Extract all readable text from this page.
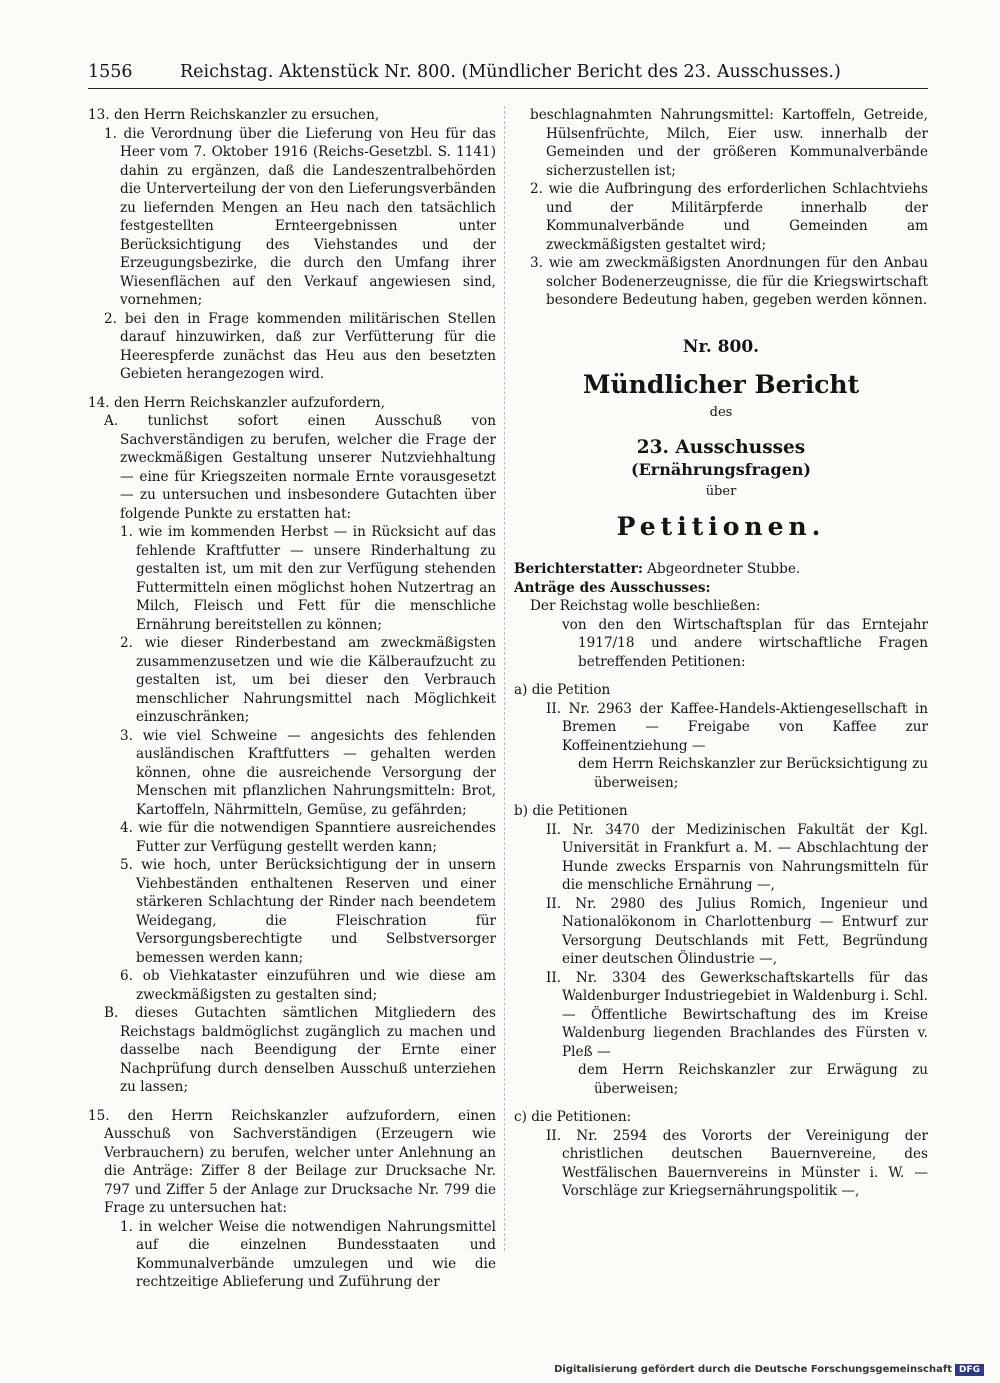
1556	Reichstag. Aktenstück Nr. 800. (Mündlicher Bericht des 23. Ausschusses.)

13. den Herrn Reichskanzler zu ersuchen,

1. die Verordnung über die Lieferung von Heu für das Heer vom 7. Oktober 1916 (Reichs-Gesetzbl. S. 1141) dahin zu ergänzen, daß die Landeszentralbehörden die Unterverteilung der von den Lieferungsverbänden zu liefernden Mengen an Heu nach den tatsächlich festgestellten Ernteergebnissen unter Berücksichtigung des Viehstandes und der Erzeugungsbezirke, die durch den Umfang ihrer Wiesenflächen auf den Verkauf angewiesen sind, vornehmen;

2. bei den in Frage kommenden militärischen Stellen darauf hinzuwirken, daß zur Verfütterung für die Heerespferde zunächst das Heu aus den besetzten Gebieten herangezogen wird.

14. den Herrn Reichskanzler aufzufordern,

A. tunlichst sofort einen Ausschuß von Sachverständigen zu berufen, welcher die Frage der zweckmäßigen Gestaltung unserer Nutzviehhaltung — eine für Kriegszeiten normale Ernte vorausgesetzt — zu untersuchen und insbesondere Gutachten über folgende Punkte zu erstatten hat:

1. wie im kommenden Herbst — in Rücksicht auf das fehlende Kraftfutter — unsere Rinderhaltung zu gestalten ist, um mit den zur Verfügung stehenden Futtermitteln einen möglichst hohen Nutzertrag an Milch, Fleisch und Fett für die menschliche Ernährung bereitstellen zu können;

2. wie dieser Rinderbestand am zweckmäßigsten zusammenzusetzen und wie die Kälberaufzucht zu gestalten ist, um bei dieser den Verbrauch menschlicher Nahrungsmittel nach Möglichkeit einzuschränken;

3. wie viel Schweine — angesichts des fehlenden ausländischen Kraftfutters — gehalten werden können, ohne die ausreichende Versorgung der Menschen mit pflanzlichen Nahrungsmitteln: Brot, Kartoffeln, Nährmitteln, Gemüse, zu gefährden;

4. wie für die notwendigen Spanntiere ausreichendes Futter zur Verfügung gestellt werden kann;

5. wie hoch, unter Berücksichtigung der in unsern Viehbeständen enthaltenen Reserven und einer stärkeren Schlachtung der Rinder nach beendetem Weidegang, die Fleischration für Versorgungsberechtigte und Selbstversorger bemessen werden kann;

6. ob Viehkataster einzuführen und wie diese am zweckmäßigsten zu gestalten sind;

B. dieses Gutachten sämtlichen Mitgliedern des Reichstags baldmöglichst zugänglich zu machen und dasselbe nach Beendigung der Ernte einer Nachprüfung durch denselben Ausschuß unterziehen zu lassen;

15. den Herrn Reichskanzler aufzufordern, einen Ausschuß von Sachverständigen (Erzeugern wie Verbrauchern) zu berufen, welcher unter Anlehnung an die Anträge: Ziffer 8 der Beilage zur Drucksache Nr. 797 und Ziffer 5 der Anlage zur Drucksache Nr. 799 die Frage zu untersuchen hat:

1. in welcher Weise die notwendigen Nahrungsmittel auf die einzelnen Bundesstaaten und Kommunalverbände umzulegen und wie die rechtzeitige Ablieferung und Zuführung der

beschlagnahmten Nahrungsmittel: Kartoffeln, Getreide, Hülsenfrüchte, Milch, Eier usw. innerhalb der Gemeinden und der größeren Kommunalverbände sicherzustellen ist;

2. wie die Aufbringung des erforderlichen Schlachtviehs und der Militärpferde innerhalb der Kommunalverbände und Gemeinden am zweckmäßigsten gestaltet wird;

3. wie am zweckmäßigsten Anordnungen für den Anbau solcher Bodenerzeugnisse, die für die Kriegswirtschaft besondere Bedeutung haben, gegeben werden können.

Nr. 800.
Mündlicher Bericht
des
23. Ausschusses
(Ernährungsfragen)
über
Petitionen.
Berichterstatter: Abgeordneter Stubbe.
Anträge des Ausschusses:

Der Reichstag wolle beschließen:

von den den Wirtschaftsplan für das Erntejahr 1917/18 und andere wirtschaftliche Fragen betreffenden Petitionen:

a) die Petition

II. Nr. 2963 der Kaffee-Handels-Aktiengesellschaft in Bremen — Freigabe von Kaffee zur Koffeinentziehung —

dem Herrn Reichskanzler zur Berücksichtigung zu überweisen;

b) die Petitionen

II. Nr. 3470 der Medizinischen Fakultät der Kgl. Universität in Frankfurt a. M. — Abschlachtung der Hunde zwecks Ersparnis von Nahrungsmitteln für die menschliche Ernährung —,

II. Nr. 2980 des Julius Romich, Ingenieur und Nationalökonom in Charlottenburg — Entwurf zur Versorgung Deutschlands mit Fett, Begründung einer deutschen Ölindustrie —,

II. Nr. 3304 des Gewerkschaftskartells für das Waldenburger Industriegebiet in Waldenburg i. Schl. — Öffentliche Bewirtschaftung des im Kreise Waldenburg liegenden Brachlandes des Fürsten v. Pleß —

dem Herrn Reichskanzler zur Erwägung zu überweisen;

c) die Petitionen:

II. Nr. 2594 des Vororts der Vereinigung der christlichen deutschen Bauernvereine, des Westfälischen Bauernvereins in Münster i. W. — Vorschläge zur Kriegsernährungspolitik —,

Digitalisierung gefördert durch die Deutsche Forschungsgemeinschaft DFG
